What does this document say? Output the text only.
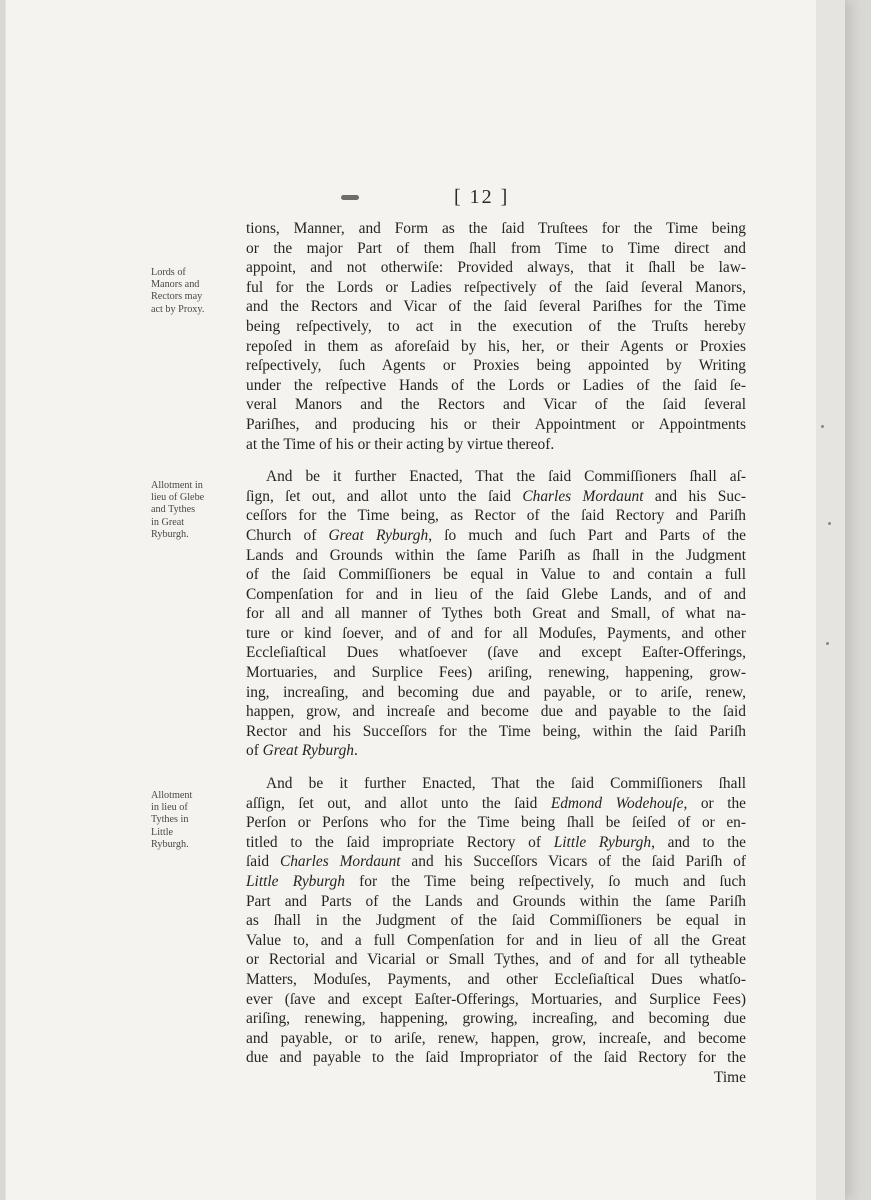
[ 12 ]
Lords of
Manors and
Rectors may
act by Proxy.
Allotment in
lieu of Glebe
and Tythes
in Great
Ryburgh.
Allotment
in lieu of
Tythes in
Little
Ryburgh.
tions, Manner, and Form as the ſaid Truſtees for the Time being
or the major Part of them ſhall from Time to Time direct and
appoint, and not otherwiſe: Provided always, that it ſhall be law-
ful for the Lords or Ladies reſpectively of the ſaid ſeveral Manors,
and the Rectors and Vicar of the ſaid ſeveral Pariſhes for the Time
being reſpectively, to act in the execution of the Truſts hereby
repoſed in them as aforeſaid by his, her, or their Agents or Proxies
reſpectively, ſuch Agents or Proxies being appointed by Writing
under the reſpective Hands of the Lords or Ladies of the ſaid ſe-
veral Manors and the Rectors and Vicar of the ſaid ſeveral
Pariſhes, and producing his or their Appointment or Appointments
at the Time of his or their acting by virtue thereof.
And be it further Enacted, That the ſaid Commiſſioners ſhall aſ-
ſign, ſet out, and allot unto the ſaid Charles Mordaunt and his Suc-
ceſſors for the Time being, as Rector of the ſaid Rectory and Pariſh
Church of Great Ryburgh, ſo much and ſuch Part and Parts of the
Lands and Grounds within the ſame Pariſh as ſhall in the Judgment
of the ſaid Commiſſioners be equal in Value to and contain a full
Compenſation for and in lieu of the ſaid Glebe Lands, and of and
for all and all manner of Tythes both Great and Small, of what na-
ture or kind ſoever, and of and for all Moduſes, Payments, and other
Eccleſiaſtical Dues whatſoever (ſave and except Eaſter-Offerings,
Mortuaries, and Surplice Fees) ariſing, renewing, happening, grow-
ing, increaſing, and becoming due and payable, or to ariſe, renew,
happen, grow, and increaſe and become due and payable to the ſaid
Rector and his Succeſſors for the Time being, within the ſaid Pariſh
of Great Ryburgh.
And be it further Enacted, That the ſaid Commiſſioners ſhall
aſſign, ſet out, and allot unto the ſaid Edmond Wodehouſe, or the
Perſon or Perſons who for the Time being ſhall be ſeiſed of or en-
titled to the ſaid impropriate Rectory of Little Ryburgh, and to the
ſaid Charles Mordaunt and his Succeſſors Vicars of the ſaid Pariſh of
Little Ryburgh for the Time being reſpectively, ſo much and ſuch
Part and Parts of the Lands and Grounds within the ſame Pariſh
as ſhall in the Judgment of the ſaid Commiſſioners be equal in
Value to, and a full Compenſation for and in lieu of all the Great
or Rectorial and Vicarial or Small Tythes, and of and for all tytheable
Matters, Moduſes, Payments, and other Eccleſiaſtical Dues whatſo-
ever (ſave and except Eaſter-Offerings, Mortuaries, and Surplice Fees)
ariſing, renewing, happening, growing, increaſing, and becoming due
and payable, or to ariſe, renew, happen, grow, increaſe, and become
due and payable to the ſaid Impropriator of the ſaid Rectory for the
Time
